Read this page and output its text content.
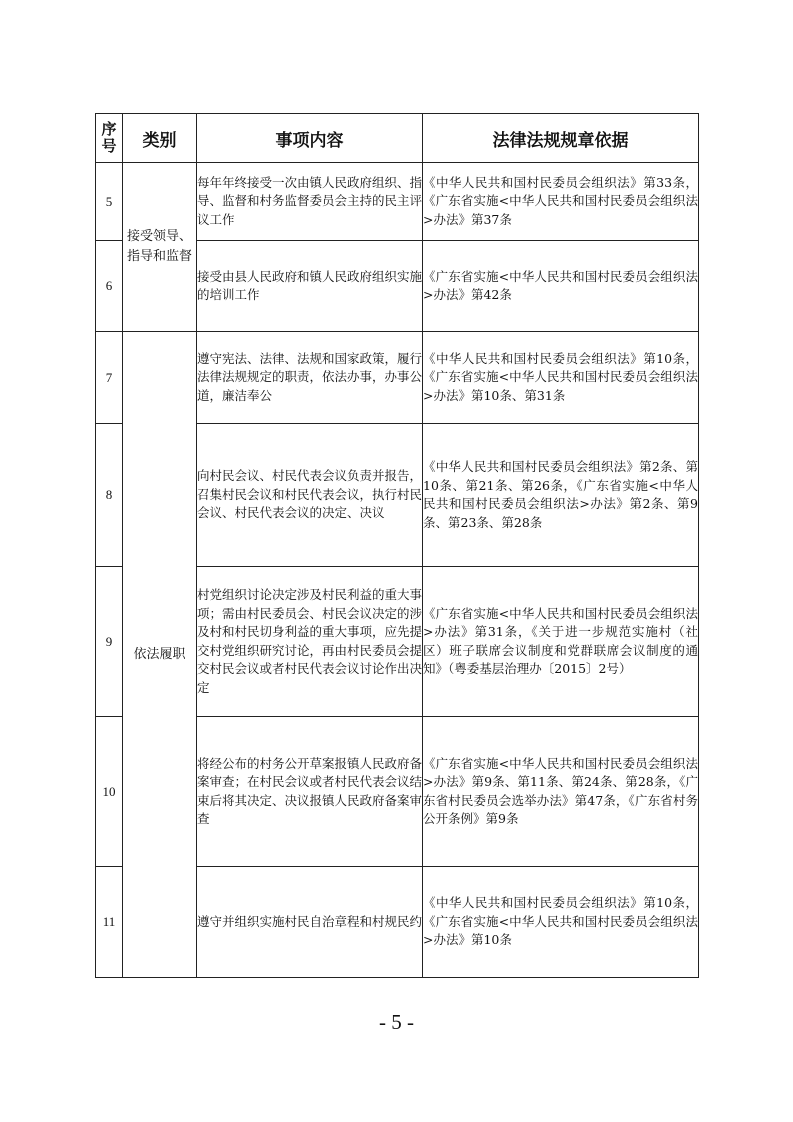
序号	类别	事项内容	法律法规规章依据
5	接受领导、指导和监督	每年年终接受一次由镇人民政府组织、指导、监督和村务监督委员会主持的民主评议工作	《中华人民共和国村民委员会组织法》第33条，《广东省实施<中华人民共和国村民委员会组织法>办法》第37条
6		接受由县人民政府和镇人民政府组织实施的培训工作	《广东省实施<中华人民共和国村民委员会组织法>办法》第42条
7	依法履职	遵守宪法、法律、法规和国家政策，履行法律法规规定的职责，依法办事，办事公道，廉洁奉公	《中华人民共和国村民委员会组织法》第10条，《广东省实施<中华人民共和国村民委员会组织法>办法》第10条、第31条
8		向村民会议、村民代表会议负责并报告，召集村民会议和村民代表会议，执行村民会议、村民代表会议的决定、决议	《中华人民共和国村民委员会组织法》第2条、第10条、第21条、第26条，《广东省实施<中华人民共和国村民委员会组织法>办法》第2条、第9条、第23条、第28条
9		村党组织讨论决定涉及村民利益的重大事项；需由村民委员会、村民会议决定的涉及村和村民切身利益的重大事项，应先提交村党组织研究讨论，再由村民委员会提交村民会议或者村民代表会议讨论作出决定	《广东省实施<中华人民共和国村民委员会组织法>办法》第31条，《关于进一步规范实施村（社区）班子联席会议制度和党群联席会议制度的通知》（粤委基层治理办〔2015〕2号）
10		将经公布的村务公开草案报镇人民政府备案审查；在村民会议或者村民代表会议结束后将其决定、决议报镇人民政府备案审查	《广东省实施<中华人民共和国村民委员会组织法>办法》第9条、第11条、第24条、第28条，《广东省村民委员会选举办法》第47条，《广东省村务公开条例》第9条
11		遵守并组织实施村民自治章程和村规民约	《中华人民共和国村民委员会组织法》第10条，《广东省实施<中华人民共和国村民委员会组织法>办法》第10条
- 5 -
